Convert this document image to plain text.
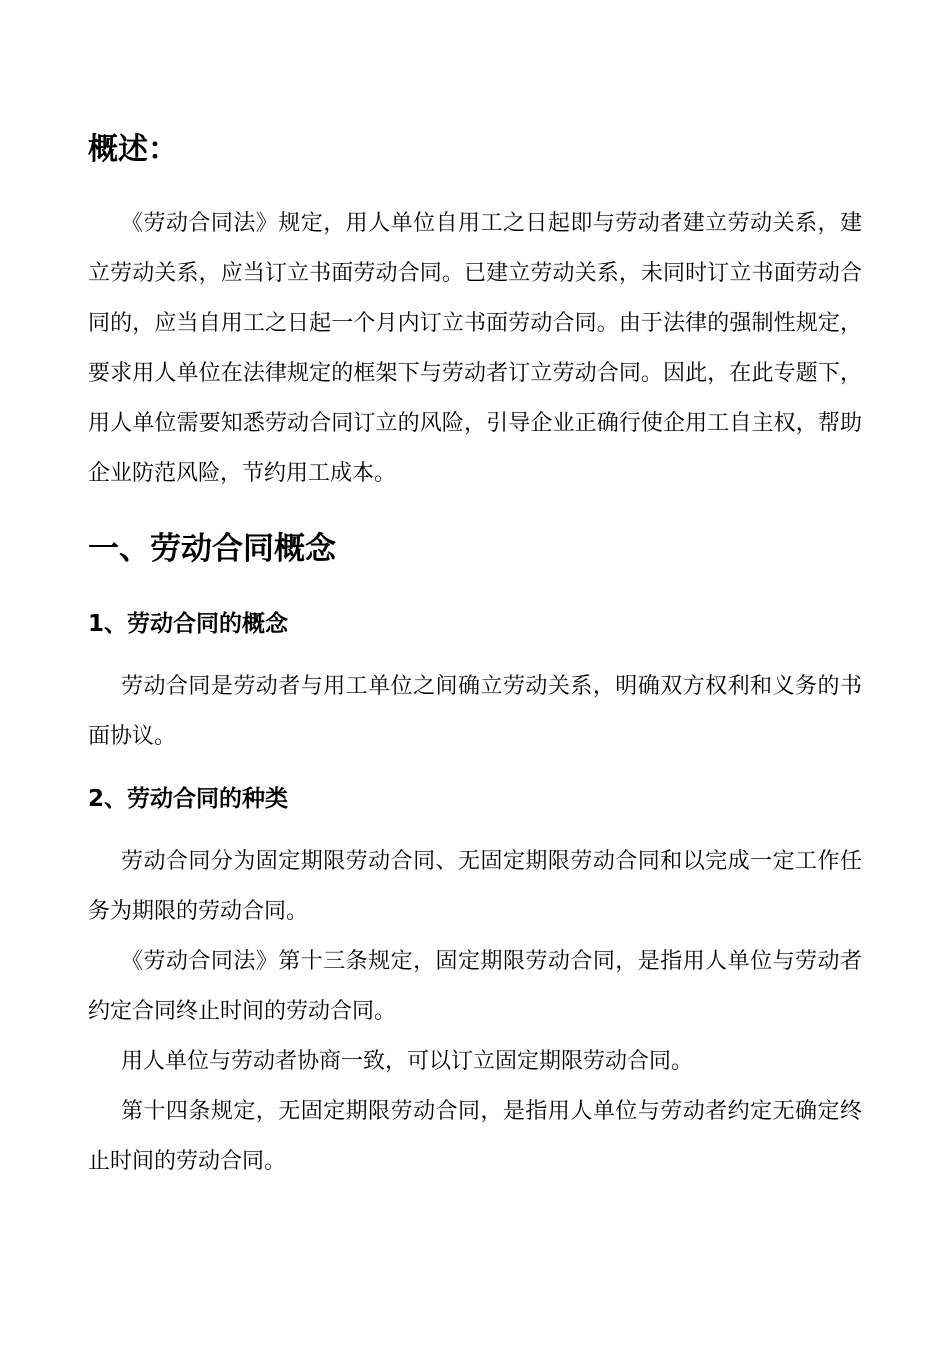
概述：

《劳动合同法》规定，用人单位自用工之日起即与劳动者建立劳动关系，建立劳动关系，应当订立书面劳动合同。已建立劳动关系，未同时订立书面劳动合同的，应当自用工之日起一个月内订立书面劳动合同。由于法律的强制性规定，要求用人单位在法律规定的框架下与劳动者订立劳动合同。因此，在此专题下，用人单位需要知悉劳动合同订立的风险，引导企业正确行使企用工自主权，帮助企业防范风险，节约用工成本。

一、劳动合同概念
1、劳动合同的概念

劳动合同是劳动者与用工单位之间确立劳动关系，明确双方权利和义务的书面协议。

2、劳动合同的种类

劳动合同分为固定期限劳动合同、无固定期限劳动合同和以完成一定工作任务为期限的劳动合同。

《劳动合同法》第十三条规定，固定期限劳动合同，是指用人单位与劳动者约定合同终止时间的劳动合同。

用人单位与劳动者协商一致，可以订立固定期限劳动合同。

第十四条规定，无固定期限劳动合同，是指用人单位与劳动者约定无确定终止时间的劳动合同。
